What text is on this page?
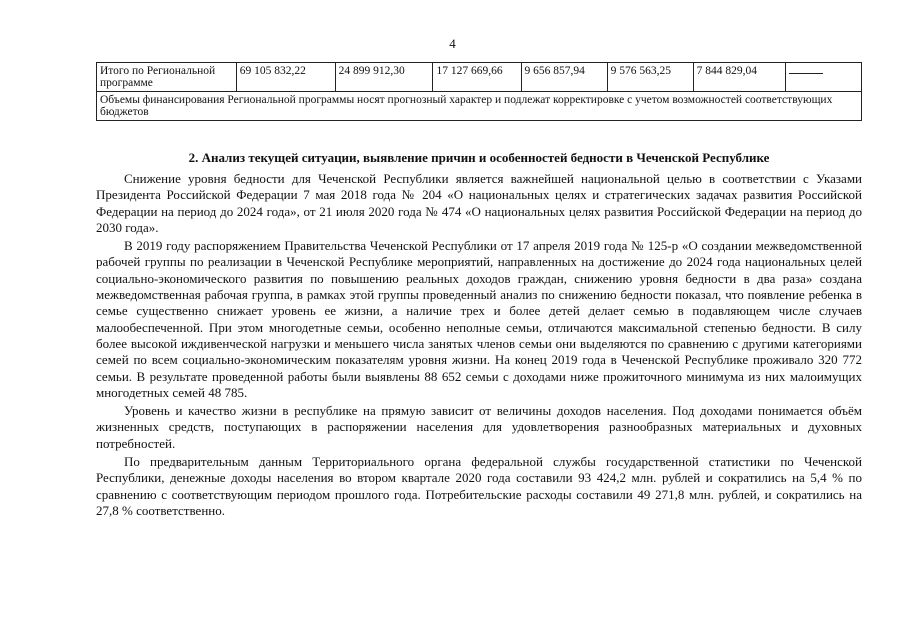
4
Итого по Региональной программе	69 105 832,22	24 899 912,30	17 127 669,66	9 656 857,94	9 576 563,25	7 844 829,04	
Объемы финансирования Региональной программы носят прогнозный характер и подлежат корректировке с учетом возможностей соответствующих бюджетов
2. Анализ текущей ситуации, выявление причин и особенностей бедности в Чеченской Республике

Снижение уровня бедности для Чеченской Республики является важнейшей национальной целью в соответствии с Указами Президента Российской Федерации 7 мая 2018 года № 204 «О национальных целях и стратегических задачах развития Российской Федерации на период до 2024 года», от 21 июля 2020 года № 474 «О национальных целях развития Российской Федерации на период до 2030 года».

В 2019 году распоряжением Правительства Чеченской Республики от 17 апреля 2019 года № 125-р «О создании межведомственной рабочей группы по реализации в Чеченской Республике мероприятий, направленных на достижение до 2024 года национальных целей социально-экономического развития по повышению реальных доходов граждан, снижению уровня бедности в два раза» создана межведомственная рабочая группа, в рамках этой группы проведенный анализ по снижению бедности показал, что появление ребенка в семье существенно снижает уровень ее жизни, а наличие трех и более детей делает семью в подавляющем числе случаев малообеспеченной. При этом многодетные семьи, особенно неполные семьи, отличаются максимальной степенью бедности. В силу более высокой иждивенческой нагрузки и меньшего числа занятых членов семьи они выделяются по сравнению с другими категориями семей по всем социально-экономическим показателям уровня жизни. На конец 2019 года в Чеченской Республике проживало 320 772 семьи. В результате проведенной работы были выявлены 88 652 семьи с доходами ниже прожиточного минимума из них малоимущих многодетных семей 48 785.

Уровень и качество жизни в республике на прямую зависит от величины доходов населения. Под доходами понимается объём жизненных средств, поступающих в распоряжении населения для удовлетворения разнообразных материальных и духовных потребностей.

По предварительным данным Территориального органа федеральной службы государственной статистики по Чеченской Республики, денежные доходы населения во втором квартале 2020 года составили 93 424,2 млн. рублей и сократились на 5,4 % по сравнению с соответствующим периодом прошлого года. Потребительские расходы составили 49 271,8 млн. рублей, и сократились на 27,8 % соответственно.
